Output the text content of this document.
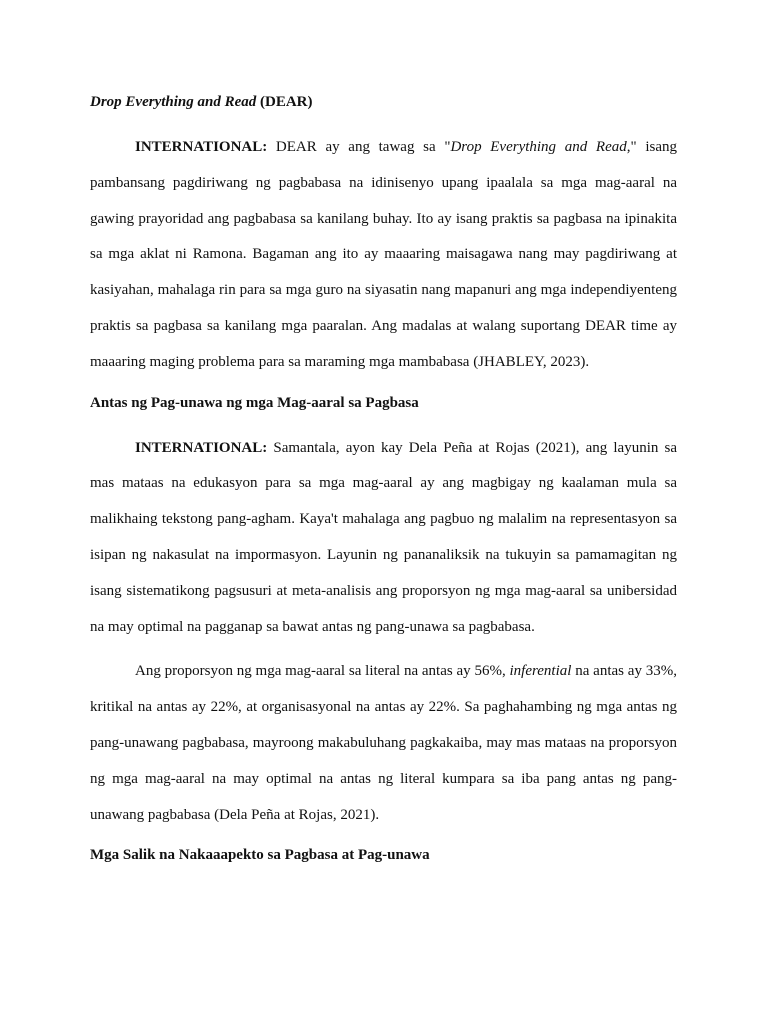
Drop Everything and Read (DEAR)

INTERNATIONAL: DEAR ay ang tawag sa "Drop Everything and Read," isang pambansang pagdiriwang ng pagbabasa na idinisenyo upang ipaalala sa mga mag-aaral na gawing prayoridad ang pagbabasa sa kanilang buhay. Ito ay isang praktis sa pagbasa na ipinakita sa mga aklat ni Ramona. Bagaman ang ito ay maaaring maisagawa nang may pagdiriwang at kasiyahan, mahalaga rin para sa mga guro na siyasatin nang mapanuri ang mga independiyenteng praktis sa pagbasa sa kanilang mga paaralan. Ang madalas at walang suportang DEAR time ay maaaring maging problema para sa maraming mga mambabasa (JHABLEY, 2023).

Antas ng Pag-unawa ng mga Mag-aaral sa Pagbasa

INTERNATIONAL: Samantala, ayon kay Dela Peña at Rojas (2021), ang layunin sa mas mataas na edukasyon para sa mga mag-aaral ay ang magbigay ng kaalaman mula sa malikhaing tekstong pang-agham. Kaya't mahalaga ang pagbuo ng malalim na representasyon sa isipan ng nakasulat na impormasyon. Layunin ng pananaliksik na tukuyin sa pamamagitan ng isang sistematikong pagsusuri at meta-analisis ang proporsyon ng mga mag-aaral sa unibersidad na may optimal na pagganap sa bawat antas ng pang-unawa sa pagbabasa.

Ang proporsyon ng mga mag-aaral sa literal na antas ay 56%, inferential na antas ay 33%, kritikal na antas ay 22%, at organisasyonal na antas ay 22%. Sa paghahambing ng mga antas ng pang-unawang pagbabasa, mayroong makabuluhang pagkakaiba, may mas mataas na proporsyon ng mga mag-aaral na may optimal na antas ng literal kumpara sa iba pang antas ng pang-unawang pagbabasa (Dela Peña at Rojas, 2021).

Mga Salik na Nakaaapekto sa Pagbasa at Pag-unawa
